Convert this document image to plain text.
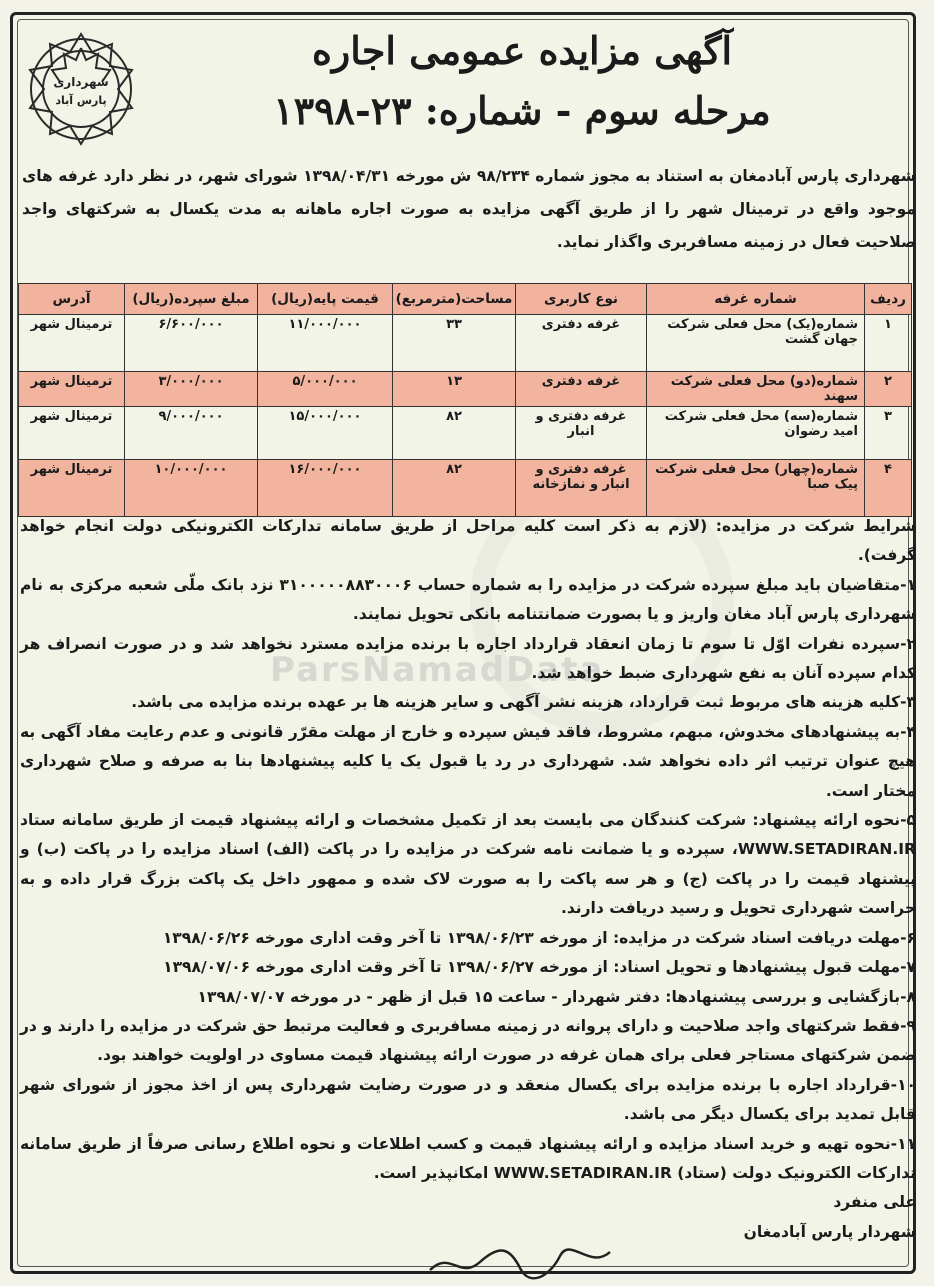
ParsNamadData
شهرداری
پارس آباد
آگهی مزایده عمومی اجاره
مرحله سوم - شماره: ۲۳-۱۳۹۸
شهرداری پارس آبادمغان به استناد به مجوز شماره ۹۸/۲۳۴ ش مورخه ۱۳۹۸/۰۴/۳۱ شورای شهر، در نظر دارد غرفه های موجود واقع در ترمینال شهر را از طریق آگهی مزایده به صورت اجاره ماهانه به مدت یکسال به شرکتهای واجد صلاحیت فعال در زمینه مسافربری واگذار نماید.
ردیف	شماره غرفه	نوع کاربری	مساحت(مترمربع)	قیمت پایه(ریال)	مبلغ سپرده(ریال)	آدرس
۱	شماره(یک) محل فعلی شرکت جهان گشت	غرفه دفتری	۳۳	۱۱/۰۰۰/۰۰۰	۶/۶۰۰/۰۰۰	ترمینال شهر
۲	شماره(دو) محل فعلی شرکت سهند	غرفه دفتری	۱۳	۵/۰۰۰/۰۰۰	۳/۰۰۰/۰۰۰	ترمینال شهر
۳	شماره(سه) محل فعلی شرکت امید رضوان	غرفه دفتری و انبار	۸۲	۱۵/۰۰۰/۰۰۰	۹/۰۰۰/۰۰۰	ترمینال شهر
۴	شماره(چهار) محل فعلی شرکت پیک صبا	غرفه دفتری و انبار و نمازخانه	۸۲	۱۶/۰۰۰/۰۰۰	۱۰/۰۰۰/۰۰۰	ترمینال شهر

شرایط شرکت در مزایده: (لازم به ذکر است کلیه مراحل از طریق سامانه تدارکات الکترونیکی دولت انجام خواهد گرفت).

۱-متقاضیان باید مبلغ سپرده شرکت در مزایده را به شماره حساب ۳۱۰۰۰۰۰۸۸۳۰۰۰۶ نزد بانک ملّی شعبه مرکزی به نام شهرداری پارس آباد مغان واریز و یا بصورت ضمانتنامه بانکی تحویل نمایند.

۲-سپرده نفرات اوّل تا سوم تا زمان انعقاد قرارداد اجاره با برنده مزایده مسترد نخواهد شد و در صورت انصراف هر کدام سپرده آنان به نفع شهرداری ضبط خواهد شد.

۳-کلیه هزینه های مربوط ثبت قرارداد، هزینه نشر آگهی و سایر هزینه ها بر عهده برنده مزایده می باشد.

۴-به پیشنهادهای مخدوش، مبهم، مشروط، فاقد فیش سپرده و خارج از مهلت مقرّر قانونی و عدم رعایت مفاد آگهی به هیچ عنوان ترتیب اثر داده نخواهد شد. شهرداری در رد یا قبول یک یا کلیه پیشنهادها بنا به صرفه و صلاح شهرداری مختار است.

۵-نحوه ارائه پیشنهاد: شرکت کنندگان می بایست بعد از تکمیل مشخصات و ارائه پیشنهاد قیمت از طریق سامانه ستاد WWW.SETADIRAN.IR، سپرده و یا ضمانت نامه شرکت در مزایده را در پاکت (الف) اسناد مزایده را در پاکت (ب) و پیشنهاد قیمت را در پاکت (ج) و هر سه پاکت را به صورت لاک شده و ممهور داخل یک پاکت بزرگ قرار داده و به حراست شهرداری تحویل و رسید دریافت دارند.

۶-مهلت دریافت اسناد شرکت در مزایده: از مورخه ۱۳۹۸/۰۶/۲۳ تا آخر وقت اداری مورخه ۱۳۹۸/۰۶/۲۶

۷-مهلت قبول پیشنهادها و تحویل اسناد: از مورخه ۱۳۹۸/۰۶/۲۷ تا آخر وقت اداری مورخه ۱۳۹۸/۰۷/۰۶

۸-بازگشایی و بررسی پیشنهادها: دفتر شهردار - ساعت ۱۵ قبل از ظهر - در مورخه ۱۳۹۸/۰۷/۰۷

۹-فقط شرکتهای واجد صلاحیت و دارای پروانه در زمینه مسافربری و فعالیت مرتبط حق شرکت در مزایده را دارند و در ضمن شرکتهای مستاجر فعلی برای همان غرفه در صورت ارائه پیشنهاد قیمت مساوی در اولویت خواهند بود.

۱۰-قرارداد اجاره با برنده مزایده برای یکسال منعقد و در صورت رضایت شهرداری پس از اخذ مجوز از شورای شهر قابل تمدید برای یکسال دیگر می باشد.

۱۱-نحوه تهیه و خرید اسناد مزایده و ارائه پیشنهاد قیمت و کسب اطلاعات و نحوه اطلاع رسانی صرفاً از طریق سامانه تدارکات الکترونیک دولت (ستاد) WWW.SETADIRAN.IR امکانپذیر است.

علی منفرد

شهردار پارس آبادمغان
